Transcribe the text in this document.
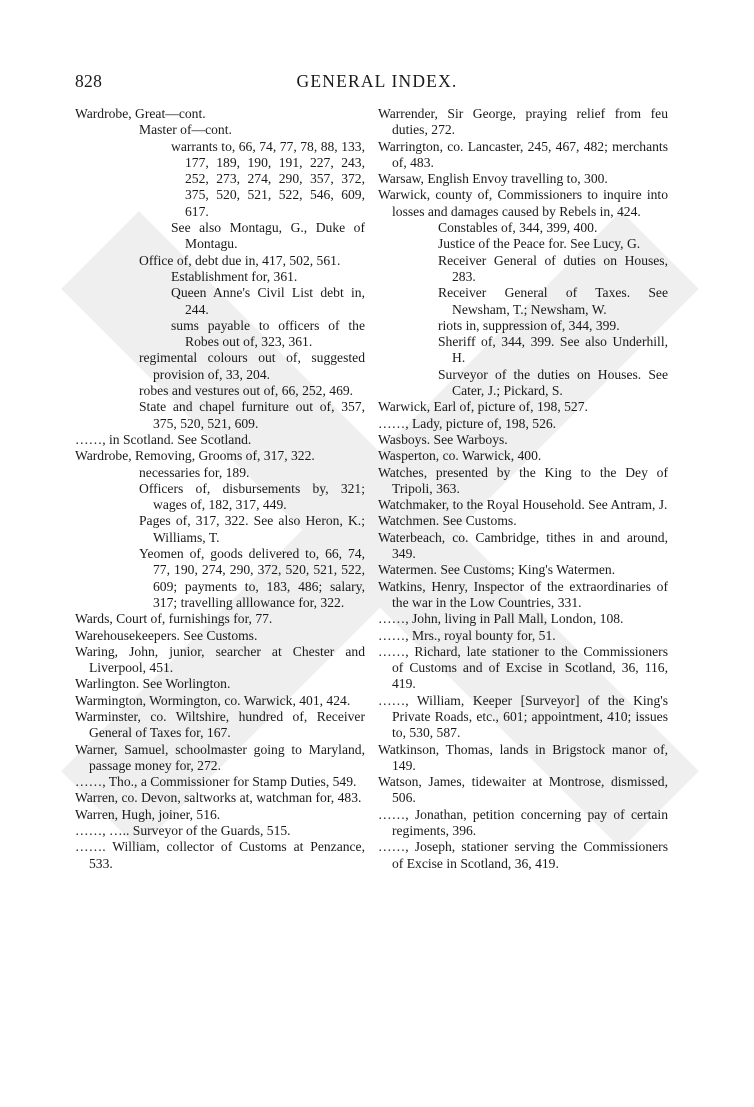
828	GENERAL INDEX.

Wardrobe, Great—cont.

Master of—cont.

warrants to, 66, 74, 77, 78, 88, 133, 177, 189, 190, 191, 227, 243, 252, 273, 274, 290, 357, 372, 375, 520, 521, 522, 546, 609, 617.

See also Montagu, G., Duke of Montagu.

Office of, debt due in, 417, 502, 561.

Establishment for, 361.

Queen Anne's Civil List debt in, 244.

sums payable to officers of the Robes out of, 323, 361.

regimental colours out of, suggested provision of, 33, 204.

robes and vestures out of, 66, 252, 469.

State and chapel furniture out of, 357, 375, 520, 521, 609.

……, in Scotland. See Scotland.

Wardrobe, Removing, Grooms of, 317, 322.

necessaries for, 189.

Officers of, disbursements by, 321; wages of, 182, 317, 449.

Pages of, 317, 322. See also Heron, K.; Williams, T.

Yeomen of, goods delivered to, 66, 74, 77, 190, 274, 290, 372, 520, 521, 522, 609; payments to, 183, 486; salary, 317; travelling alllowance for, 322.

Wards, Court of, furnishings for, 77.

Warehousekeepers. See Customs.

Waring, John, junior, searcher at Chester and Liverpool, 451.

Warlington. See Worlington.

Warmington, Wormington, co. Warwick, 401, 424.

Warminster, co. Wiltshire, hundred of, Receiver General of Taxes for, 167.

Warner, Samuel, schoolmaster going to Maryland, passage money for, 272.

……, Tho., a Commissioner for Stamp Duties, 549.

Warren, co. Devon, saltworks at, watchman for, 483.

Warren, Hugh, joiner, 516.

……, ….. Surveyor of the Guards, 515.

……. William, collector of Customs at Penzance, 533.

Warrender, Sir George, praying relief from feu duties, 272.

Warrington, co. Lancaster, 245, 467, 482; merchants of, 483.

Warsaw, English Envoy travelling to, 300.

Warwick, county of, Commissioners to inquire into losses and damages caused by Rebels in, 424.

Constables of, 344, 399, 400.

Justice of the Peace for. See Lucy, G.

Receiver General of duties on Houses, 283.

Receiver General of Taxes. See Newsham, T.; Newsham, W.

riots in, suppression of, 344, 399.

Sheriff of, 344, 399. See also Underhill, H.

Surveyor of the duties on Houses. See Cater, J.; Pickard, S.

Warwick, Earl of, picture of, 198, 527.

……, Lady, picture of, 198, 526.

Wasboys. See Warboys.

Wasperton, co. Warwick, 400.

Watches, presented by the King to the Dey of Tripoli, 363.

Watchmaker, to the Royal Household. See Antram, J.

Watchmen. See Customs.

Waterbeach, co. Cambridge, tithes in and around, 349.

Watermen. See Customs; King's Watermen.

Watkins, Henry, Inspector of the extraordinaries of the war in the Low Countries, 331.

……, John, living in Pall Mall, London, 108.

……, Mrs., royal bounty for, 51.

……, Richard, late stationer to the Commissioners of Customs and of Excise in Scotland, 36, 116, 419.

……, William, Keeper [Surveyor] of the King's Private Roads, etc., 601; appointment, 410; issues to, 530, 587.

Watkinson, Thomas, lands in Brigstock manor of, 149.

Watson, James, tidewaiter at Montrose, dismissed, 506.

……, Jonathan, petition concerning pay of certain regiments, 396.

……, Joseph, stationer serving the Commissioners of Excise in Scotland, 36, 419.
